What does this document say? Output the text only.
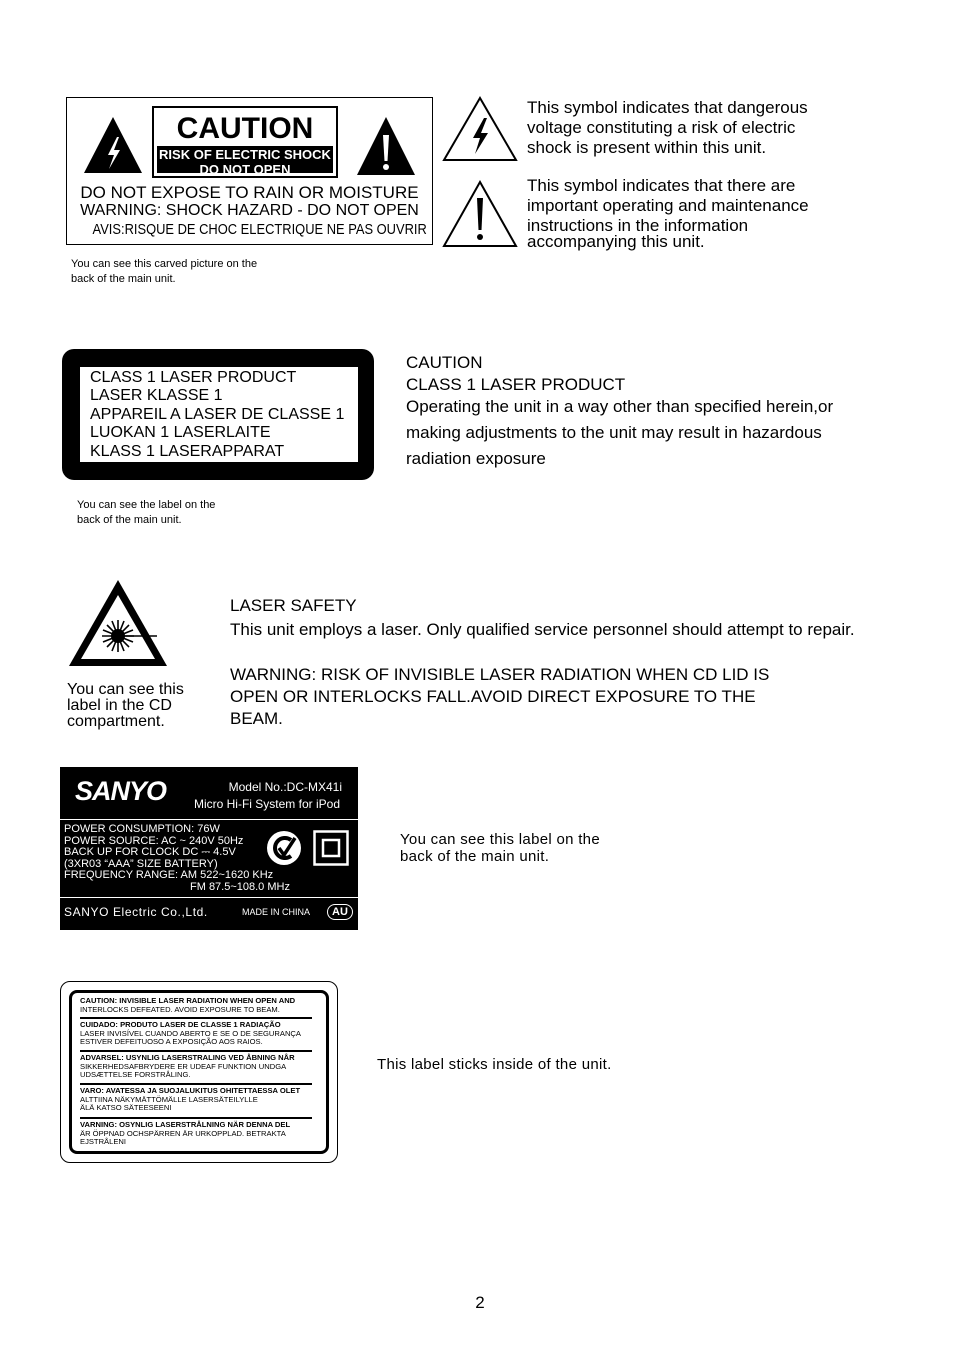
CAUTION
RISK OF ELECTRIC SHOCK
DO NOT OPEN
DO NOT EXPOSE TO RAIN OR MOISTURE
WARNING: SHOCK HAZARD - DO NOT OPEN
AVIS:RISQUE DE CHOC ELECTRIQUE NE PAS OUVRIR
You can see this carved picture on the
back of the main unit.
This symbol indicates that dangerous
voltage constituting a risk of electric
shock is present within this unit.
This symbol indicates that there are
important operating and maintenance
instructions in the information
accompanying this unit.
CLASS 1 LASER PRODUCT
LASER KLASSE 1
APPAREIL A LASER DE CLASSE 1
LUOKAN 1 LASERLAITE
KLASS 1 LASERAPPARAT
You can see the label on the
back of the main unit.
CAUTION
CLASS 1 LASER PRODUCT
Operating the unit in a way other than specified herein,or
making adjustments to the unit may result in hazardous
radiation exposure
You can see this
label in the CD
compartment.
LASER SAFETY
This unit employs a laser. Only qualified service personnel should attempt to repair.
WARNING: RISK OF INVISIBLE LASER RADIATION WHEN CD LID IS
OPEN OR INTERLOCKS FALL.AVOID DIRECT EXPOSURE TO THE
BEAM.
SANYO	Model No.:DC-MX41i
Micro Hi-Fi System for iPod
POWER CONSUMPTION: 76W
POWER SOURCE: AC ~ 240V 50Hz
BACK UP FOR CLOCK DC ⎓ 4.5V
(3XR03 “AAA” SIZE BATTERY)
FREQUENCY RANGE: AM 522~1620 KHz
FM 87.5~108.0 MHz
SANYO Electric Co.,Ltd.	MADE IN CHINA	AU
You can see this label on the
back of the main unit.
CAUTION: INVISIBLE LASER RADIATION WHEN OPEN AND
INTERLOCKS DEFEATED. AVOID EXPOSURE TO BEAM.
CUIDADO: PRODUTO LASER DE CLASSE 1 RADIAÇÃO
LASER INVISÍVEL CUANDO ABERTO E SE O DE SEGURANÇA
ESTIVER DEFEITUOSO A EXPOSIÇÃO AOS RAIOS.
ADVARSEL: USYNLIG LASERSTRALING VED ÅBNING NÅR
SIKKERHEDSAFBRYDERE ER UDEAF FUNKTION UNDGA
UDSÆTTELSE FORSTRÅLING.
VARO: AVATESSA JA SUOJALUKITUS OHITETTAESSA OLET
ALTTIINA NÄKYMÄTTÖMÄLLE LASERSÄTEILYLLE
ÄLÄ KATSO SÄTEESEENI
VARNING: OSYNLIG LASERSTRÅLNING NÄR DENNA DEL
ÄR ÖPPNAD OCHSPÄRREN ÄR URKOPPLAD. BETRAKTA
EJSTRÅLENI
This label sticks inside of the unit.
2
